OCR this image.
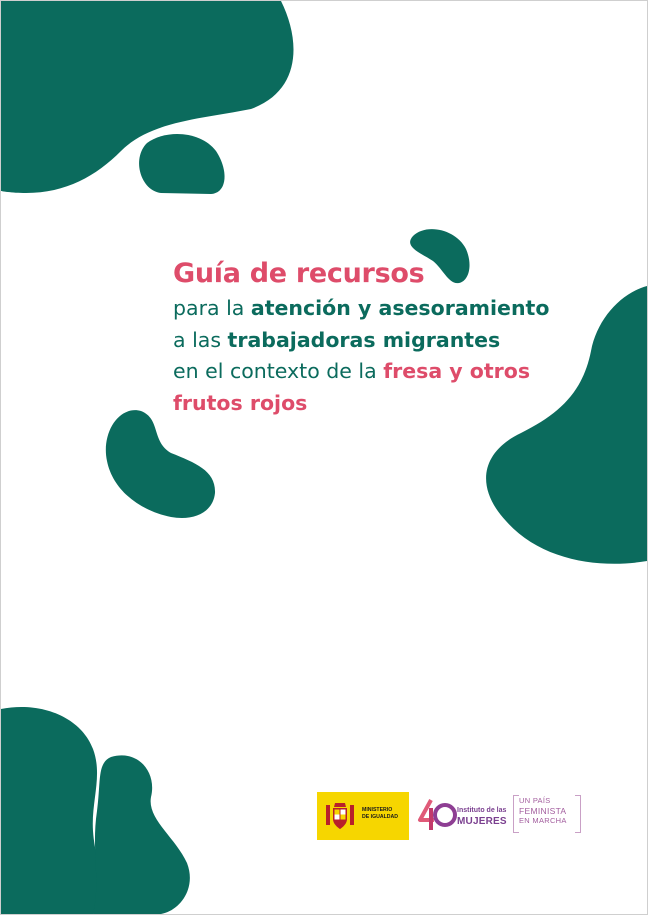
Guía de recursos

para la atención y asesoramiento

a las trabajadoras migrantes

en el contexto de la fresa y otros

frutos rojos

MINISTERIO
DE IGUALDAD
Instituto de las
MUJERES
UN PAÍS
FEMINISTA
EN MARCHA
